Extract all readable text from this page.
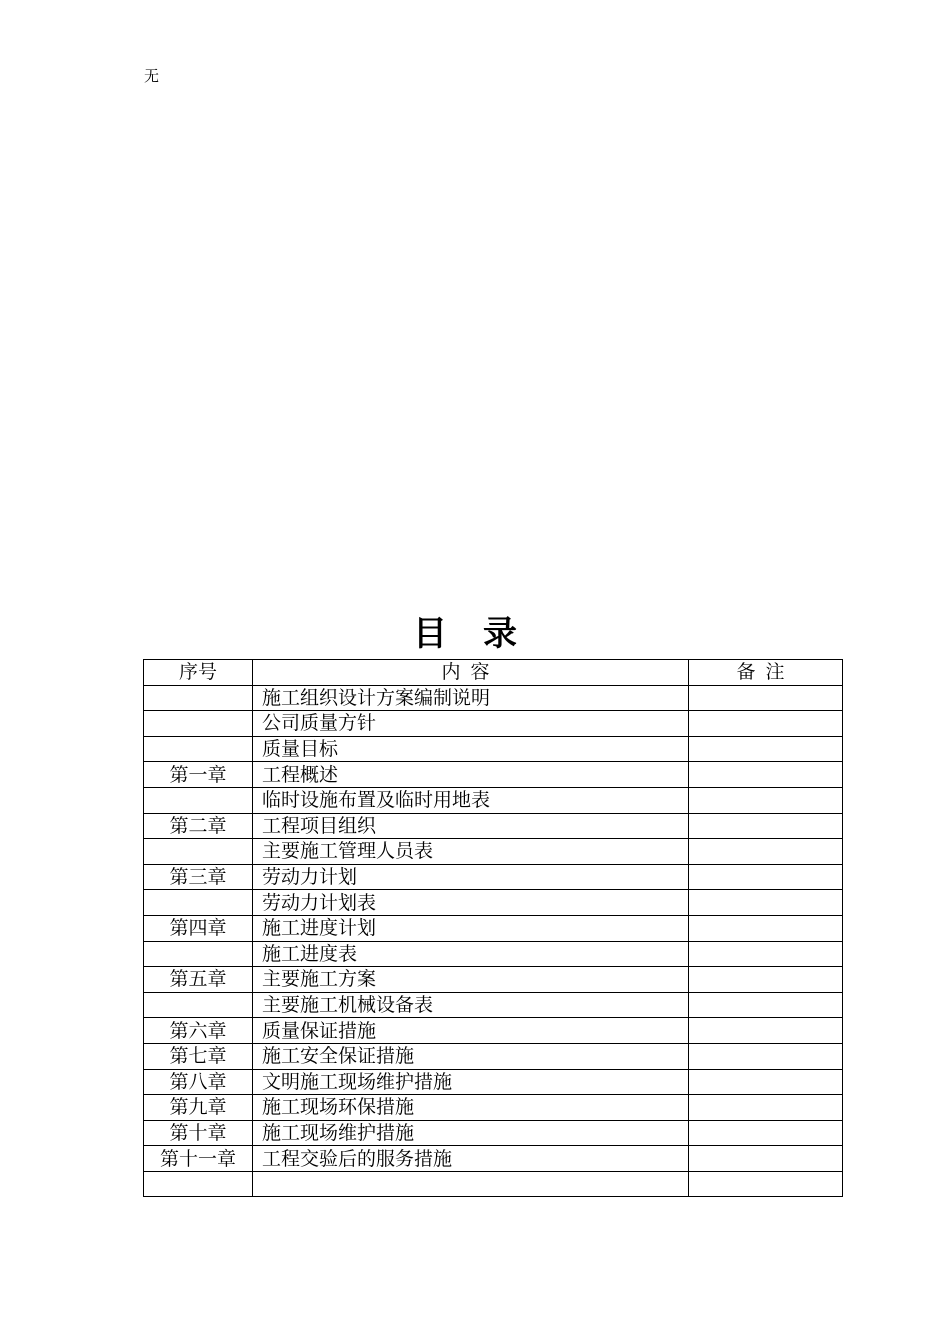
无
目录
序号	内容	备注
	施工组织设计方案编制说明	
	公司质量方针	
	质量目标	
第一章	工程概述	
	临时设施布置及临时用地表	
第二章	工程项目组织	
	主要施工管理人员表	
第三章	劳动力计划	
	劳动力计划表	
第四章	施工进度计划	
	施工进度表	
第五章	主要施工方案	
	主要施工机械设备表	
第六章	质量保证措施	
第七章	施工安全保证措施	
第八章	文明施工现场维护措施	
第九章	施工现场环保措施	
第十章	施工现场维护措施	
第十一章	工程交验后的服务措施	
